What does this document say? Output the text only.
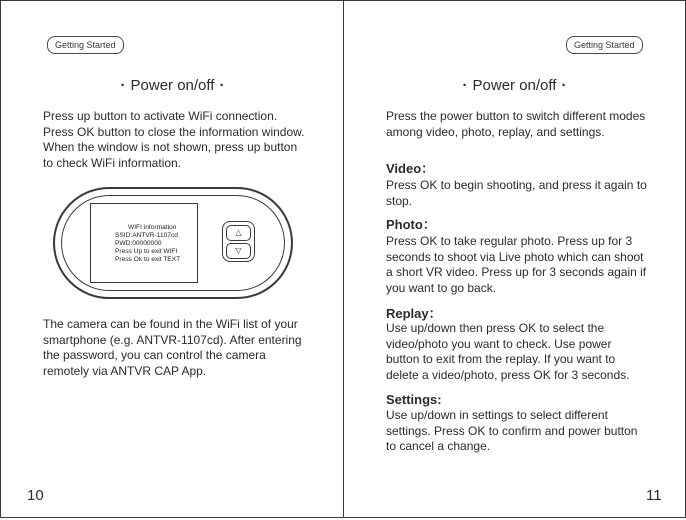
Getting Started
· Power on/off ·
Press up button to activate WiFi connection. Press OK button to close the information window. When the window is not shown, press up button to check WiFi information.
WIFI information
SSID:ANTVR-1107cd
PWD:00000000
Press Up to exit WIFI
Press Ok to exit TEXT
△
▽
The camera can be found in the WiFi list of your smartphone (e.g. ANTVR-1107cd). After entering the password, you can control the camera remotely via ANTVR CAP App.
10
Getting Started
· Power on/off ·
Press the power button to switch different modes among video, photo, replay, and settings.
Video：
Press OK to begin shooting, and press it again to stop.
Photo：
Press OK to take regular photo. Press up for 3 seconds to shoot via Live photo which can shoot a short VR video. Press up for 3 seconds again if you want to go back.
Replay：
Use up/down then press OK to select the video/photo you want to check. Use power button to exit from the replay. If you want to delete a video/photo, press OK for 3 seconds.
Settings:
Use up/down in settings to select different settings. Press OK to confirm and power button to cancel a change.
11
